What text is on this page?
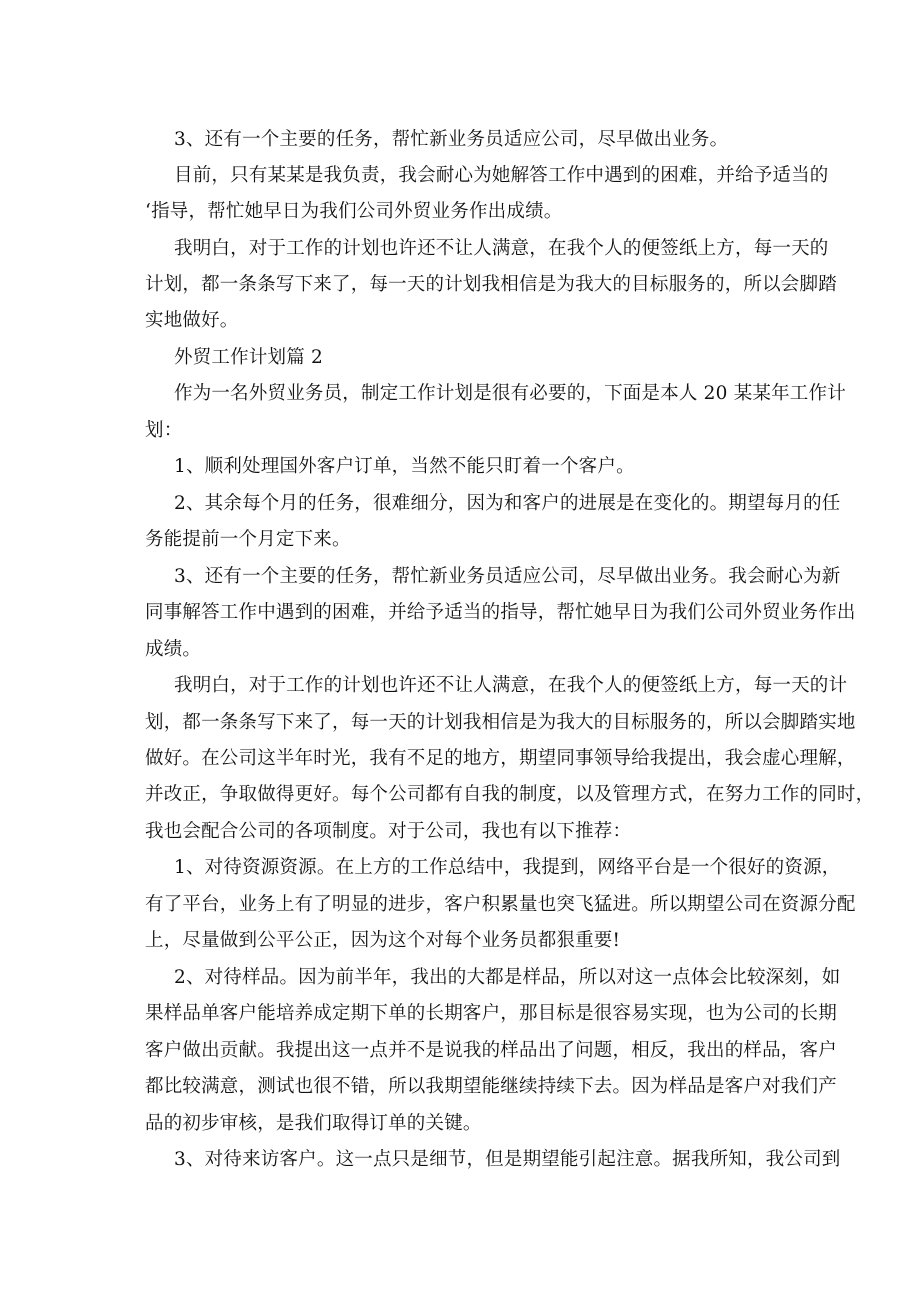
3、还有一个主要的任务，帮忙新业务员适应公司，尽早做出业务。
目前，只有某某是我负责，我会耐心为她解答工作中遇到的困难，并给予适当的
‘指导，帮忙她早日为我们公司外贸业务作出成绩。
我明白，对于工作的计划也许还不让人满意，在我个人的便签纸上方，每一天的
计划，都一条条写下来了，每一天的计划我相信是为我大的目标服务的，所以会脚踏
实地做好。
外贸工作计划篇 2
作为一名外贸业务员，制定工作计划是很有必要的，下面是本人 20 某某年工作计
划：
1、顺利处理国外客户订单，当然不能只盯着一个客户。
2、其余每个月的任务，很难细分，因为和客户的进展是在变化的。期望每月的任
务能提前一个月定下来。
3、还有一个主要的任务，帮忙新业务员适应公司，尽早做出业务。我会耐心为新
同事解答工作中遇到的困难，并给予适当的指导，帮忙她早日为我们公司外贸业务作出
成绩。
我明白，对于工作的计划也许还不让人满意，在我个人的便签纸上方，每一天的计
划，都一条条写下来了，每一天的计划我相信是为我大的目标服务的，所以会脚踏实地
做好。在公司这半年时光，我有不足的地方，期望同事领导给我提出，我会虚心理解，
并改正，争取做得更好。每个公司都有自我的制度，以及管理方式，在努力工作的同时，
我也会配合公司的各项制度。对于公司，我也有以下推荐：
1、对待资源资源。在上方的工作总结中，我提到，网络平台是一个很好的资源，
有了平台，业务上有了明显的进步，客户积累量也突飞猛进。所以期望公司在资源分配
上，尽量做到公平公正，因为这个对每个业务员都狠重要!
2、对待样品。因为前半年，我出的大都是样品，所以对这一点体会比较深刻，如
果样品单客户能培养成定期下单的长期客户，那目标是很容易实现，也为公司的长期
客户做出贡献。我提出这一点并不是说我的样品出了问题，相反，我出的样品，客户
都比较满意，测试也很不错，所以我期望能继续持续下去。因为样品是客户对我们产
品的初步审核，是我们取得订单的关键。
3、对待来访客户。这一点只是细节，但是期望能引起注意。据我所知，我公司到
